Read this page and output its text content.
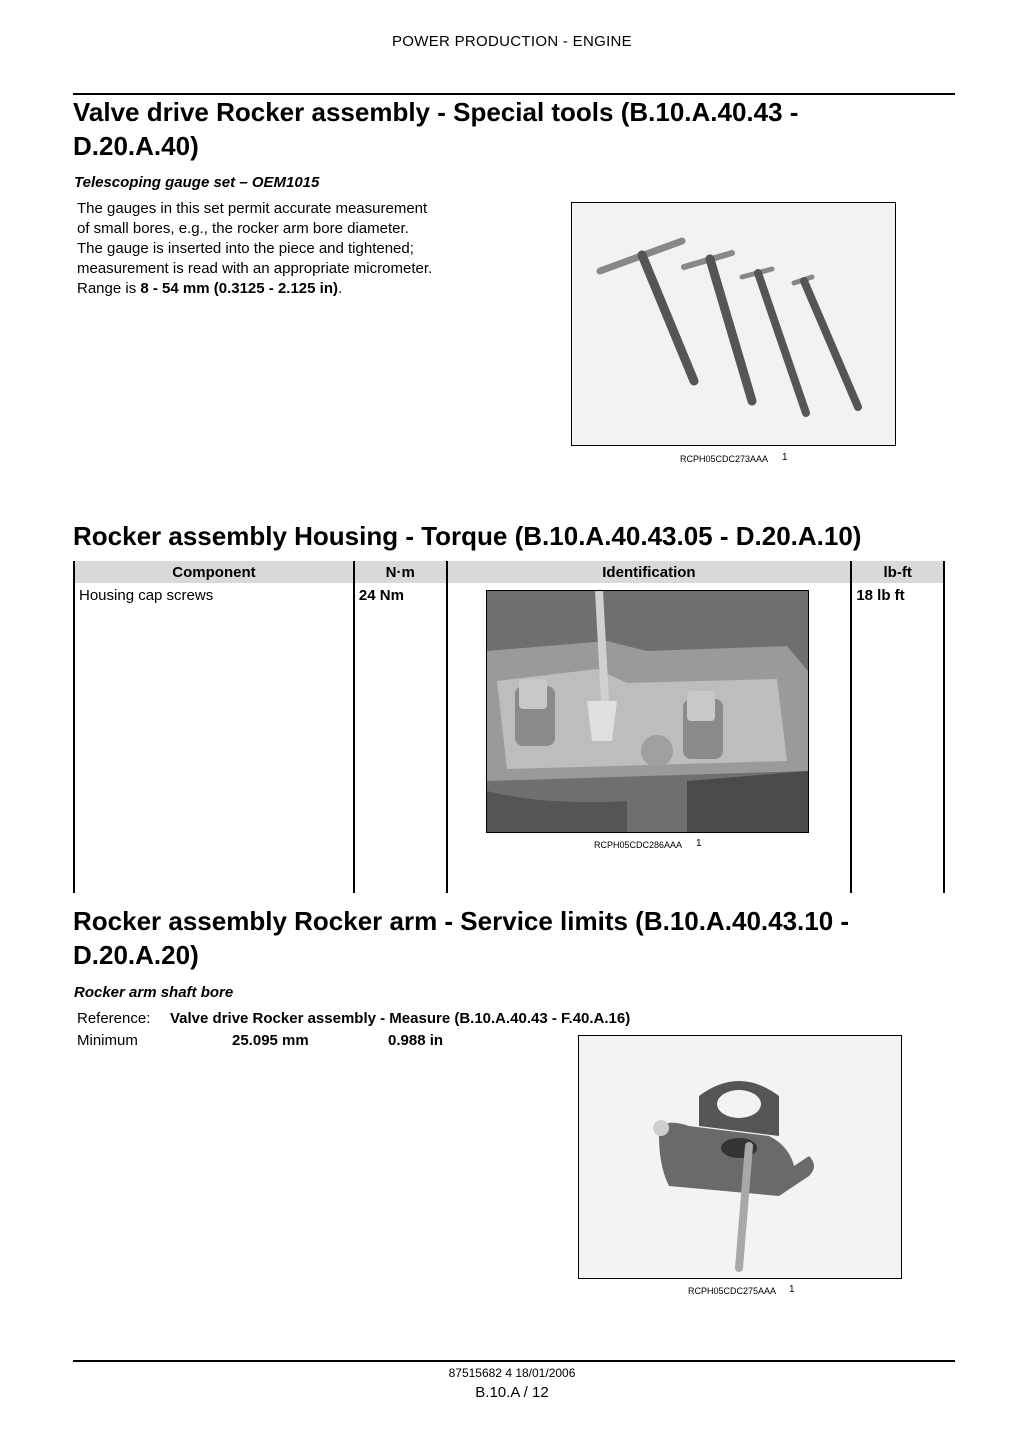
POWER PRODUCTION - ENGINE
Valve drive Rocker assembly - Special tools (B.10.A.40.43 -
D.20.A.40)
Telescoping gauge set – OEM1015
The gauges in this set permit accurate measurement
of small bores, e.g., the rocker arm bore diameter.
The gauge is inserted into the piece and tightened;
measurement is read with an appropriate micrometer.
Range is 8 - 54 mm (0.3125 - 2.125 in).
RCPH05CDC273AAA 1
Rocker assembly Housing - Torque (B.10.A.40.43.05 - D.20.A.10)
Component	N·m	Identification	lb-ft
Housing cap screws	24 Nm		18 lb ft
RCPH05CDC286AAA 1
Rocker assembly Rocker arm - Service limits (B.10.A.40.43.10 -
D.20.A.20)
Rocker arm shaft bore
Reference: Valve drive Rocker assembly - Measure (B.10.A.40.43 - F.40.A.16)
Minimum	25.095 mm	0.988 in
RCPH05CDC275AAA 1
87515682 4 18/01/2006
B.10.A / 12
